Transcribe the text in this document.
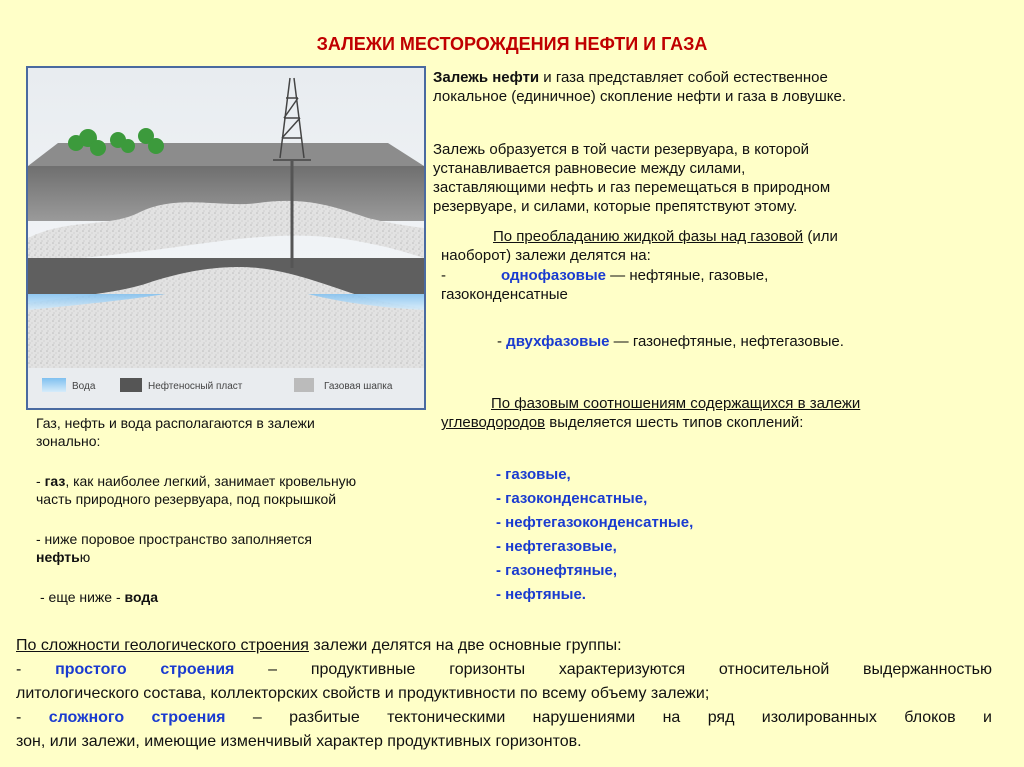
ЗАЛЕЖИ МЕСТОРОЖДЕНИЯ НЕФТИ И ГАЗА
Вода	Нефтеносный пласт	Газовая шапка
Залежь нефти и газа представляет собой естественное
локальное (единичное) скопление нефти и газа в ловушке.
Залежь образуется в той части резервуара, в которой
устанавливается равновесие между силами,
заставляющими нефть и газ перемещаться в природном
резервуаре, и силами, которые препятствуют этому.
По преобладанию жидкой фазы над газовой (или
наоборот) залежи делятся на:
-	однофазовые — нефтяные, газовые,
газоконденсатные
- двухфазовые — газонефтяные, нефтегазовые.
По фазовым соотношениям содержащихся в залежи
углеводородов выделяется шесть типов скоплений:
- газовые,
- газоконденсатные,
- нефтегазоконденсатные,
- нефтегазовые,
- газонефтяные,
- нефтяные.
Газ, нефть и вода располагаются в залежи
зонально:
- газ, как наиболее легкий, занимает кровельную
часть природного резервуара, под покрышкой
- ниже поровое пространство заполняется
нефтью
- еще ниже - вода
По сложности геологического строения залежи делятся на две основные группы:
- простого строения – продуктивные горизонты характеризуются относительной выдержанностью
литологического состава, коллекторских свойств и продуктивности по всему объему залежи;
- сложного строения – разбитые тектоническими нарушениями на ряд изолированных блоков и
зон, или залежи, имеющие изменчивый характер продуктивных горизонтов.
